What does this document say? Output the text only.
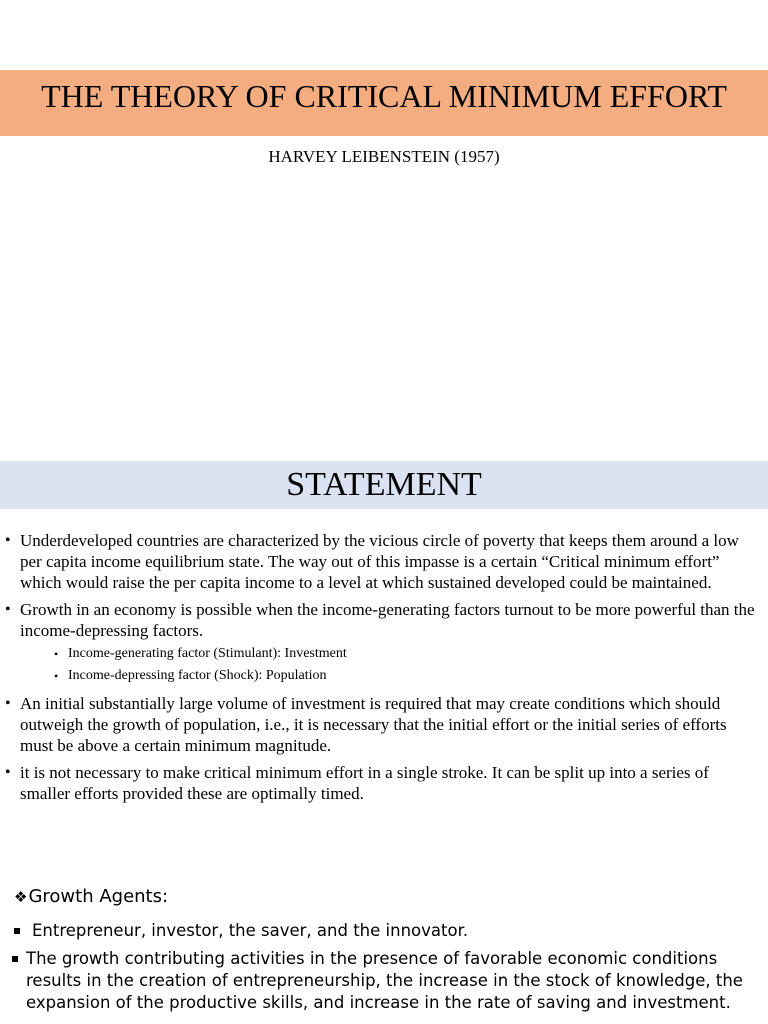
THE THEORY OF CRITICAL MINIMUM EFFORT
HARVEY LEIBENSTEIN (1957)
STATEMENT
• Underdeveloped countries are characterized by the vicious circle of poverty that keeps them around a low per capita income equilibrium state. The way out of this impasse is a certain “Critical minimum effort” which would raise the per capita income to a level at which sustained developed could be maintained.
• Growth in an economy is possible when the income-generating factors turnout to be more powerful than the income-depressing factors.
• Income-generating factor (Stimulant): Investment
• Income-depressing factor (Shock): Population
• An initial substantially large volume of investment is required that may create conditions which should outweigh the growth of population, i.e., it is necessary that the initial effort or the initial series of efforts must be above a certain minimum magnitude.
• it is not necessary to make critical minimum effort in a single stroke. It can be split up into a series of smaller efforts provided these are optimally timed.
❖Growth Agents:
Entrepreneur, investor, the saver, and the innovator.
The growth contributing activities in the presence of favorable economic conditions results in the creation of entrepreneurship, the increase in the stock of knowledge, the expansion of the productive skills, and increase in the rate of saving and investment.
